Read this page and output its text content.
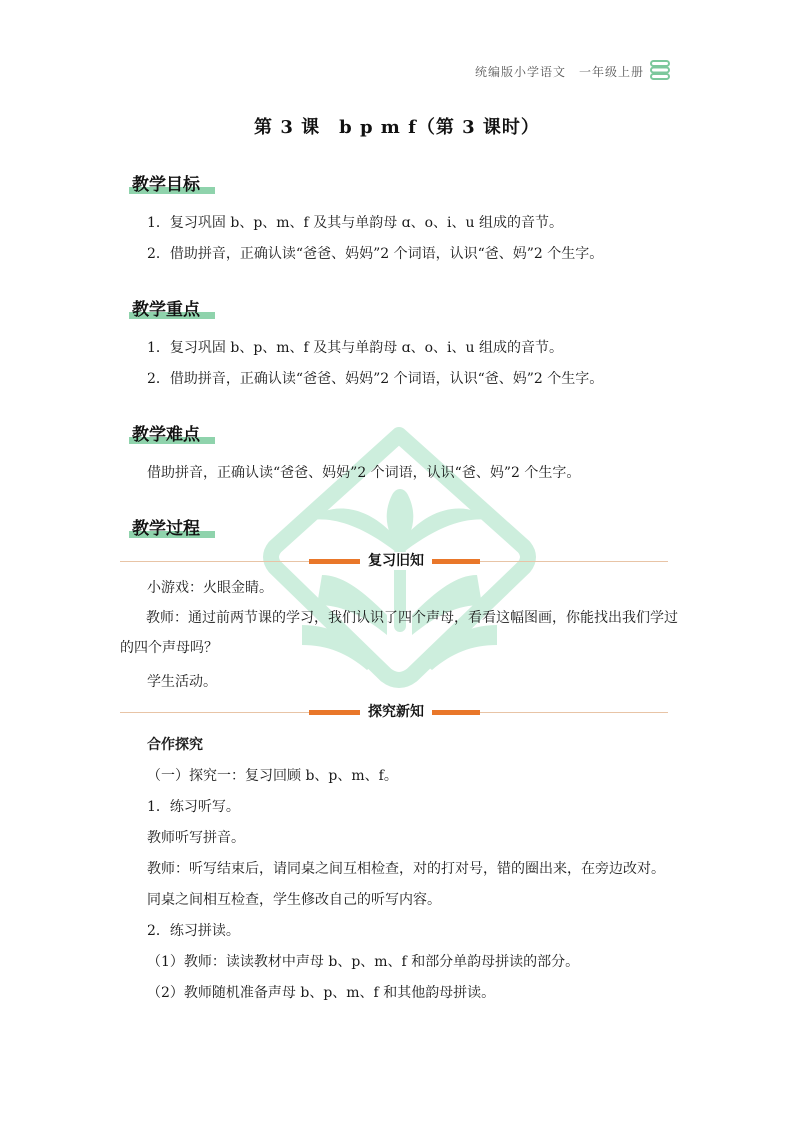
统编版小学语文　一年级上册
第 3 课　b p m f（第 3 课时）
教学目标
1．复习巩固 b、p、m、f 及其与单韵母 ɑ、o、i、u 组成的音节。
2．借助拼音，正确认读“爸爸、妈妈”2 个词语，认识“爸、妈”2 个生字。
教学重点
1．复习巩固 b、p、m、f 及其与单韵母 ɑ、o、i、u 组成的音节。
2．借助拼音，正确认读“爸爸、妈妈”2 个词语，认识“爸、妈”2 个生字。
教学难点
借助拼音，正确认读“爸爸、妈妈”2 个词语，认识“爸、妈”2 个生字。
教学过程
复习旧知
小游戏：火眼金睛。
教师：通过前两节课的学习，我们认识了四个声母，看看这幅图画，你能找出我们学过的四个声母吗？
学生活动。
探究新知
合作探究
（一）探究一：复习回顾 b、p、m、f。
1．练习听写。
教师听写拼音。
教师：听写结束后，请同桌之间互相检查，对的打对号，错的圈出来，在旁边改对。
同桌之间相互检查，学生修改自己的听写内容。
2．练习拼读。
（1）教师：读读教材中声母 b、p、m、f 和部分单韵母拼读的部分。
（2）教师随机准备声母 b、p、m、f 和其他韵母拼读。
